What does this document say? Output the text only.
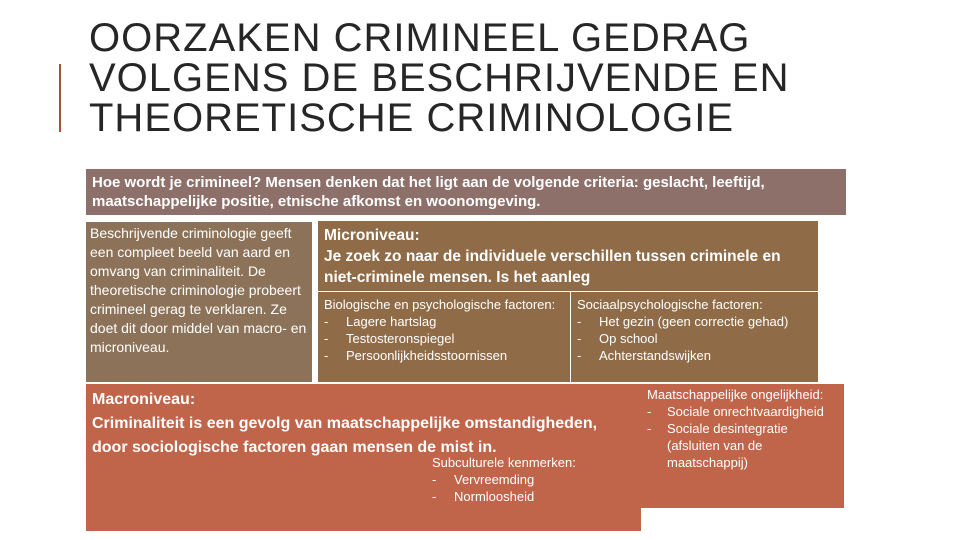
OORZAKEN CRIMINEEL GEDRAG VOLGENS DE BESCHRIJVENDE EN THEORETISCHE CRIMINOLOGIE
Hoe wordt je crimineel? Mensen denken dat het ligt aan de volgende criteria: geslacht, leeftijd, maatschappelijke positie, etnische afkomst en woonomgeving.
Beschrijvende criminologie geeft een compleet beeld van aard en omvang van criminaliteit. De theoretische criminologie probeert crimineel gerag te verklaren. Ze doet dit door middel van macro- en microniveau.
Microniveau:
Je zoek zo naar de individuele verschillen tussen criminele en niet-criminele mensen. Is het aanleg
Biologische en psychologische factoren:
- Lagere hartslag
- Testosteronspiegel
- Persoonlijkheidsstoornissen
Sociaalpsychologische factoren:
- Het gezin (geen correctie gehad)
- Op school
- Achterstandswijken
Macroniveau:
Criminaliteit is een gevolg van maatschappelijke omstandigheden, door sociologische factoren gaan mensen de mist in.
Subculturele kenmerken:
- Vervreemding
- Normloosheid
Maatschappelijke ongelijkheid:
- Sociale onrechtvaardigheid
- Sociale desintegratie (afsluiten van de maatschappij)
